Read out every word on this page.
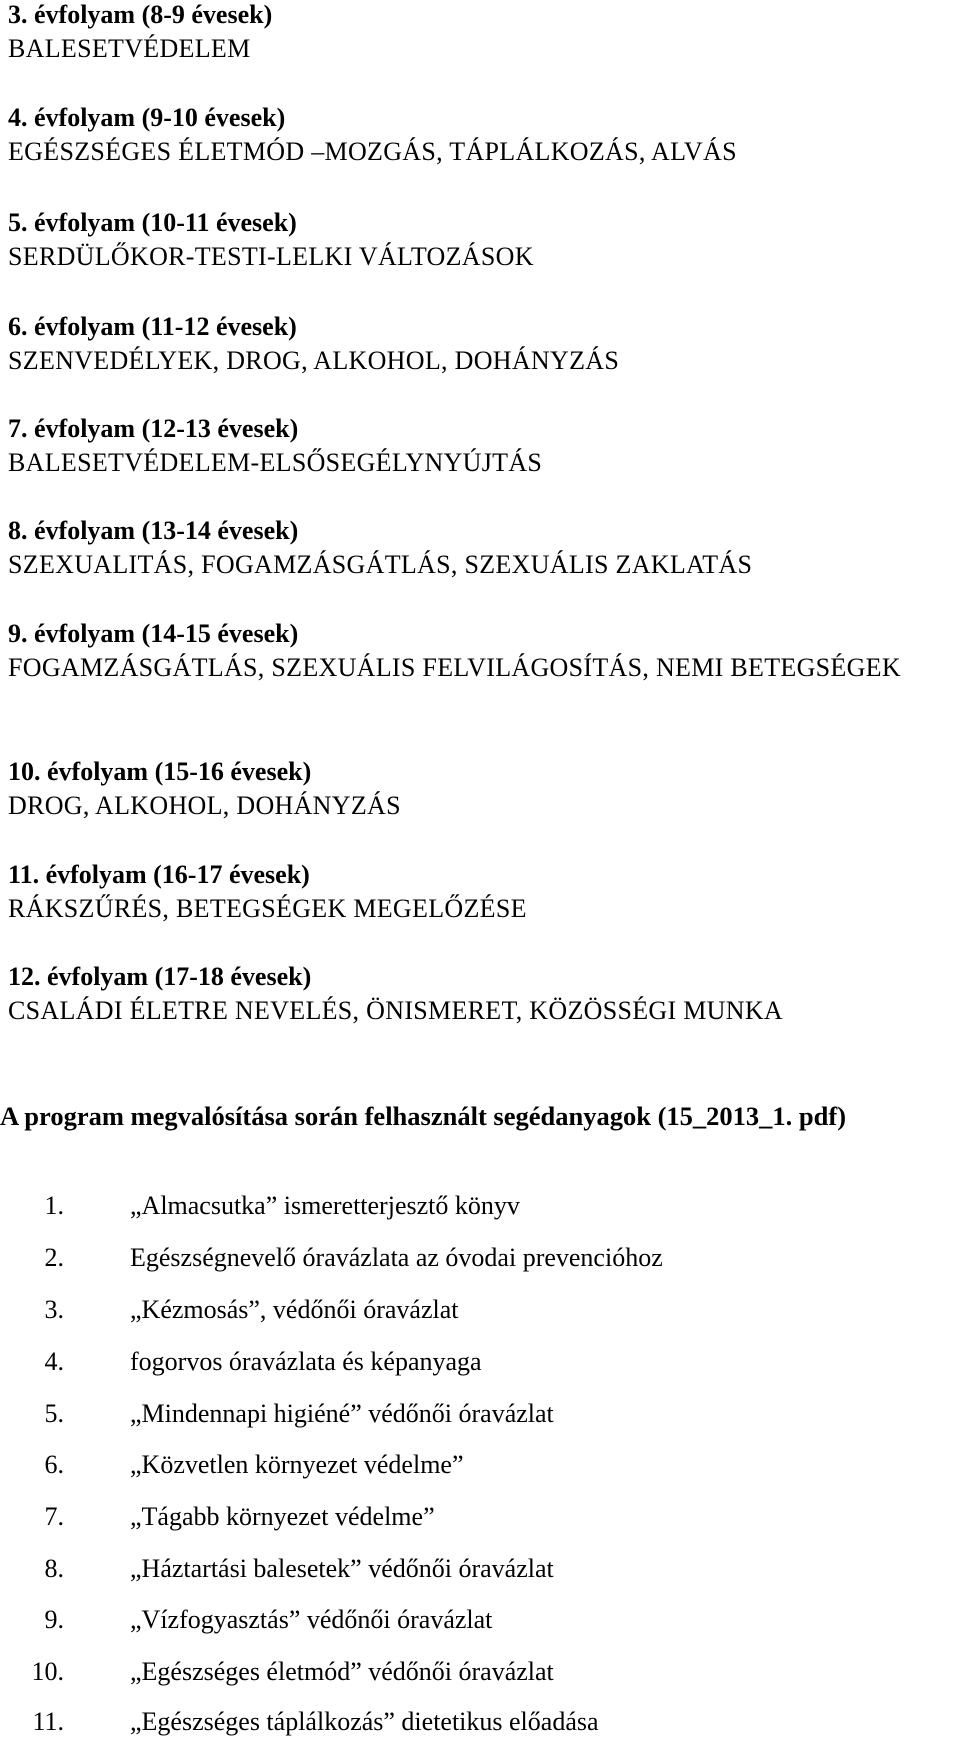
3. évfolyam (8-9 évesek)
BALESETVÉDELEM
4. évfolyam (9-10 évesek)
EGÉSZSÉGES ÉLETMÓD –MOZGÁS, TÁPLÁLKOZÁS, ALVÁS
5. évfolyam (10-11 évesek)
SERDÜLŐKOR-TESTI-LELKI VÁLTOZÁSOK
6. évfolyam (11-12 évesek)
SZENVEDÉLYEK, DROG, ALKOHOL, DOHÁNYZÁS
7. évfolyam (12-13 évesek)
BALESETVÉDELEM-ELSŐSEGÉLYNYÚJTÁS
8. évfolyam (13-14 évesek)
SZEXUALITÁS, FOGAMZÁSGÁTLÁS, SZEXUÁLIS ZAKLATÁS
9. évfolyam (14-15 évesek)
FOGAMZÁSGÁTLÁS, SZEXUÁLIS FELVILÁGOSÍTÁS, NEMI BETEGSÉGEK
10. évfolyam (15-16 évesek)
DROG, ALKOHOL, DOHÁNYZÁS
11. évfolyam (16-17 évesek)
RÁKSZŰRÉS, BETEGSÉGEK MEGELŐZÉSE
12. évfolyam (17-18 évesek)
CSALÁDI ÉLETRE NEVELÉS, ÖNISMERET, KÖZÖSSÉGI MUNKA
A program megvalósítása során felhasznált segédanyagok (15_2013_1. pdf)
1.	„Almacsutka” ismeretterjesztő könyv
2.	Egészségnevelő óravázlata az óvodai prevencióhoz
3.	„Kézmosás”, védőnői óravázlat
4.	fogorvos óravázlata és képanyaga
5.	„Mindennapi higiéné” védőnői óravázlat
6.	„Közvetlen környezet védelme”
7.	„Tágabb környezet védelme”
8.	„Háztartási balesetek” védőnői óravázlat
9.	„Vízfogyasztás” védőnői óravázlat
10.	„Egészséges életmód” védőnői óravázlat
11.	„Egészséges táplálkozás” dietetikus előadása
